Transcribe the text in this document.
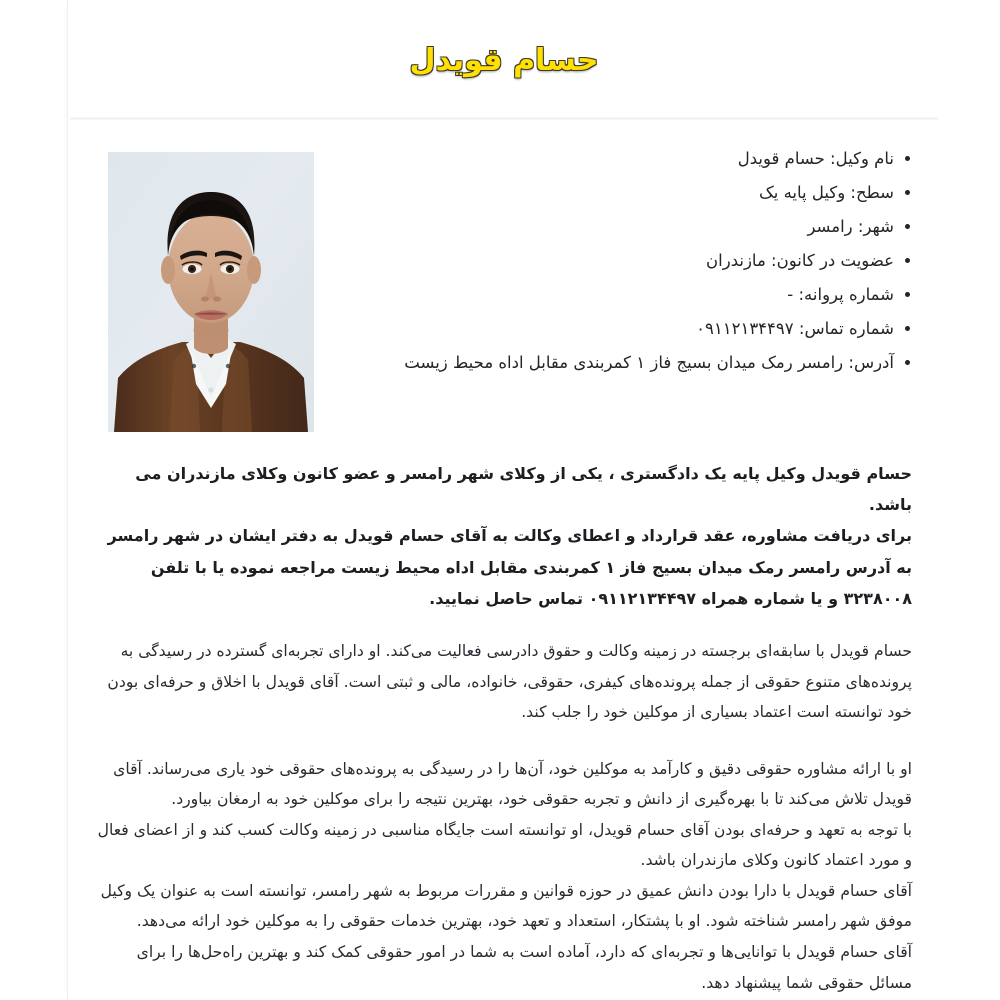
حسام قویدل
نام وکیل: حسام قویدل
سطح: وکیل پایه یک
شهر: رامسر
عضویت در کانون: مازندران
شماره پروانه: -
شماره تماس: ۰۹۱۱۲۱۳۴۴۹۷
آدرس: رامسر رمک میدان بسیج فاز ۱ کمربندی مقابل اداه محیط زیست

حسام قویدل وکیل پایه یک دادگستری ، یکی از وکلای شهر رامسر و عضو کانون وکلای مازندران می باشد.
برای دریافت مشاوره، عقد قرارداد و اعطای وکالت به آقای حسام قویدل به دفتر ایشان در شهر رامسر به آدرس رامسر رمک میدان بسیج فاز ۱ کمربندی مقابل اداه محیط زیست مراجعه نموده یا با تلفن ۳۲۳۸۰۰۸ و یا شماره همراه ۰۹۱۱۲۱۳۴۴۹۷ تماس حاصل نمایید.

حسام قویدل با سابقه‌ای برجسته در زمینه وکالت و حقوق دادرسی فعالیت می‌کند. او دارای تجربه‌ای گسترده در رسیدگی به پرونده‌های متنوع حقوقی از جمله پرونده‌های کیفری، حقوقی، خانواده، مالی و ثبتی است. آقای قویدل با اخلاق و حرفه‌ای بودن خود توانسته است اعتماد بسیاری از موکلین خود را جلب کند.

او با ارائه مشاوره حقوقی دقیق و کارآمد به موکلین خود، آن‌ها را در رسیدگی به پرونده‌های حقوقی خود یاری می‌رساند. آقای قویدل تلاش می‌کند تا با بهره‌گیری از دانش و تجربه حقوقی خود، بهترین نتیجه را برای موکلین خود به ارمغان بیاورد.

با توجه به تعهد و حرفه‌ای بودن آقای حسام قویدل، او توانسته است جایگاه مناسبی در زمینه وکالت کسب کند و از اعضای فعال و مورد اعتماد کانون وکلای مازندران باشد.

آقای حسام قویدل با دارا بودن دانش عمیق در حوزه قوانین و مقررات مربوط به شهر رامسر، توانسته است به عنوان یک وکیل موفق شهر رامسر شناخته شود. او با پشتکار، استعداد و تعهد خود، بهترین خدمات حقوقی را به موکلین خود ارائه می‌دهد.

آقای حسام قویدل با توانایی‌ها و تجربه‌ای که دارد، آماده است به شما در امور حقوقی کمک کند و بهترین راه‌حل‌ها را برای مسائل حقوقی شما پیشنهاد دهد.
